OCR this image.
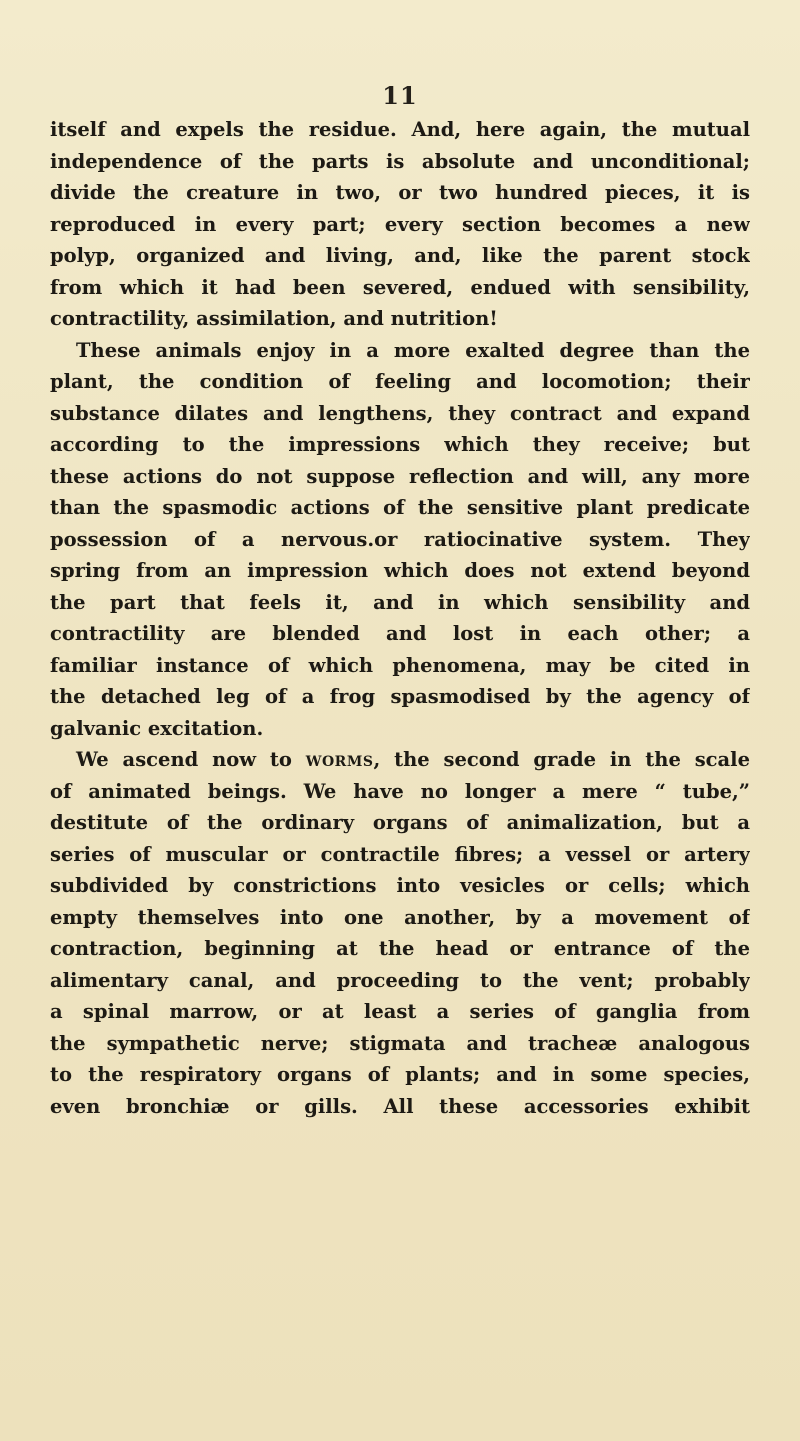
11
itself and expels the residue. And, here again, the mutual
independence of the parts is absolute and unconditional;
divide the creature in two, or two hundred pieces, it is
reproduced in every part; every section becomes a new
polyp, organized and living, and, like the parent stock
from which it had been severed, endued with sensibility,
contractility, assimilation, and nutrition!
These animals enjoy in a more exalted degree than the
plant, the condition of feeling and locomotion; their
substance dilates and lengthens, they contract and expand
according to the impressions which they receive; but
these actions do not suppose reflection and will, any more
than the spasmodic actions of the sensitive plant predicate
possession of a nervous.or ratiocinative system. They
spring from an impression which does not extend beyond
the part that feels it, and in which sensibility and
contractility are blended and lost in each other; a
familiar instance of which phenomena, may be cited in
the detached leg of a frog spasmodised by the agency of
galvanic excitation.
We ascend now to worms, the second grade in the scale
of animated beings. We have no longer a mere “ tube,”
destitute of the ordinary organs of animalization, but a
series of muscular or contractile fibres; a vessel or artery
subdivided by constrictions into vesicles or cells; which
empty themselves into one another, by a movement of
contraction, beginning at the head or entrance of the
alimentary canal, and proceeding to the vent; probably
a spinal marrow, or at least a series of ganglia from
the sympathetic nerve; stigmata and tracheæ analogous
to the respiratory organs of plants; and in some species,
even bronchiæ or gills. All these accessories exhibit
